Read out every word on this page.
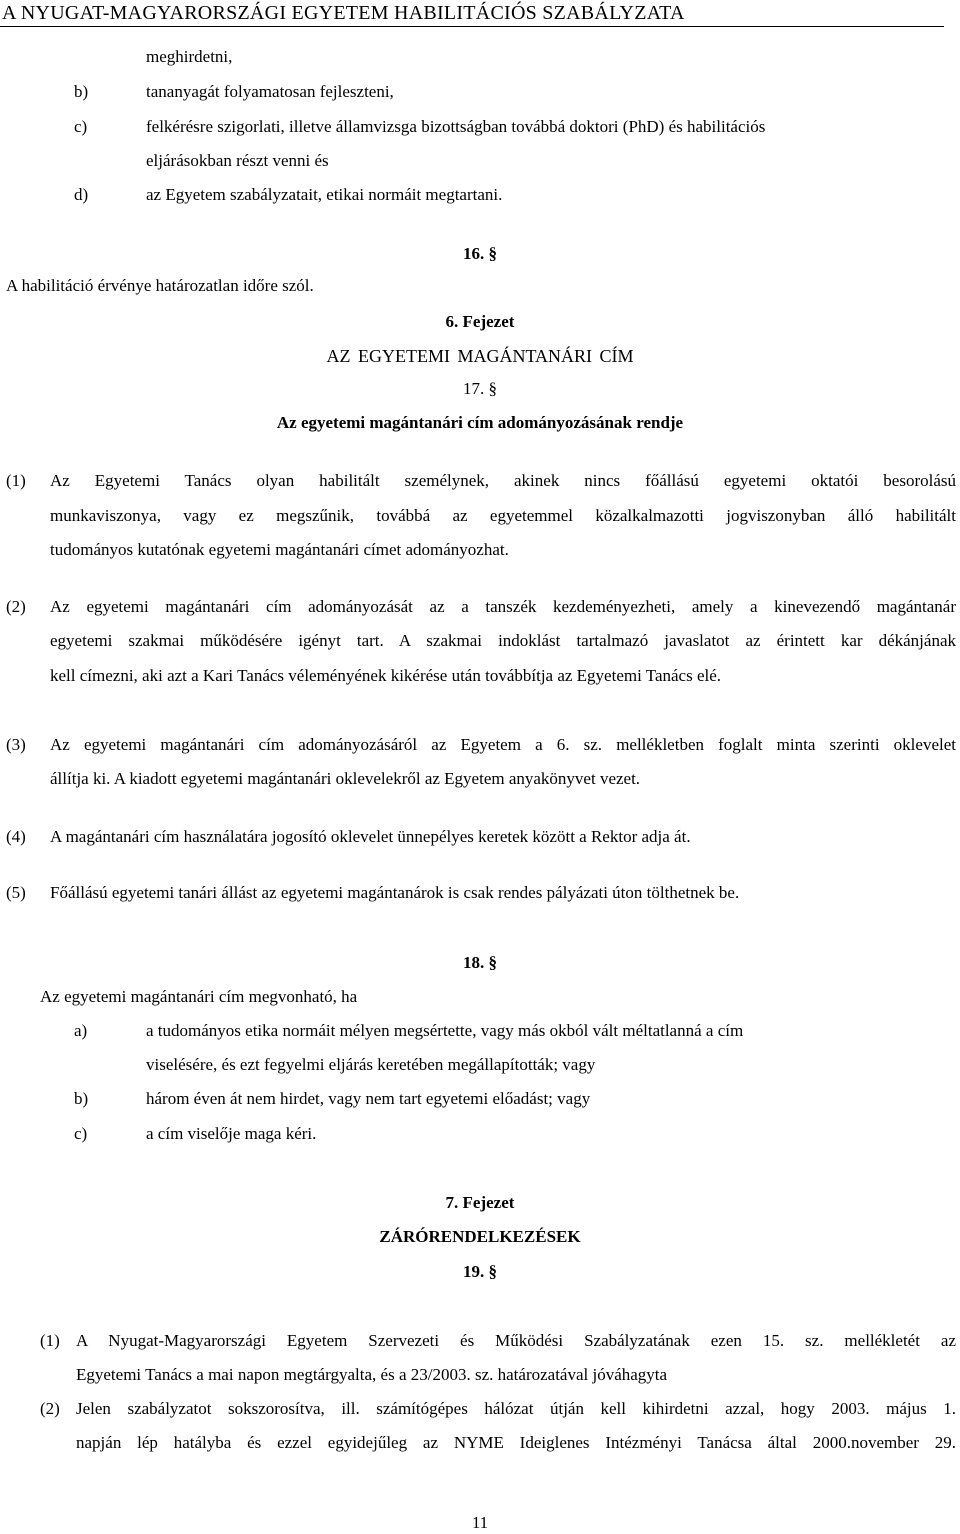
A NYUGAT-MAGYARORSZÁGI EGYETEM HABILITÁCIÓS SZABÁLYZATA
meghirdetni,
b)	tananyagát folyamatosan fejleszteni,
c)	felkérésre szigorlati, illetve államvizsga bizottságban továbbá doktori (PhD) és habilitációs
eljárásokban részt venni és
d)	az Egyetem szabályzatait, etikai normáit megtartani.
16. §
A habilitáció érvénye határozatlan időre szól.
6. Fejezet
AZ EGYETEMI MAGÁNTANÁRI CÍM
17. §
Az egyetemi magántanári cím adományozásának rendje
(1) Az Egyetemi Tanács olyan habilitált személynek, akinek nincs főállású egyetemi oktatói besorolású
munkaviszonya, vagy ez megszűnik, továbbá az egyetemmel közalkalmazotti jogviszonyban álló habilitált
tudományos kutatónak egyetemi magántanári címet adományozhat.
(2) Az egyetemi magántanári cím adományozását az a tanszék kezdeményezheti, amely a kinevezendő magántanár
egyetemi szakmai működésére igényt tart. A szakmai indoklást tartalmazó javaslatot az érintett kar dékánjának
kell címezni, aki azt a Kari Tanács véleményének kikérése után továbbítja az Egyetemi Tanács elé.
(3) Az egyetemi magántanári cím adományozásáról az Egyetem a 6. sz. mellékletben foglalt minta szerinti oklevelet
állítja ki. A kiadott egyetemi magántanári oklevelekről az Egyetem anyakönyvet vezet.
(4) A magántanári cím használatára jogosító oklevelet ünnepélyes keretek között a Rektor adja át.
(5) Főállású egyetemi tanári állást az egyetemi magántanárok is csak rendes pályázati úton tölthetnek be.
18. §
Az egyetemi magántanári cím megvonható, ha
a)	a tudományos etika normáit mélyen megsértette, vagy más okból vált méltatlanná a cím
viselésére, és ezt fegyelmi eljárás keretében megállapították; vagy
b)	három éven át nem hirdet, vagy nem tart egyetemi előadást; vagy
c)	a cím viselője maga kéri.
7. Fejezet
ZÁRÓRENDELKEZÉSEK
19. §
(1) A Nyugat-Magyarországi Egyetem Szervezeti és Működési Szabályzatának ezen 15. sz. mellékletét az
Egyetemi Tanács a mai napon megtárgyalta, és a 23/2003. sz. határozatával jóváhagyta
(2) Jelen szabályzatot sokszorosítva, ill. számítógépes hálózat útján kell kihirdetni azzal, hogy 2003. május 1.
napján lép hatályba és ezzel egyidejűleg az NYME Ideiglenes Intézményi Tanácsa által 2000.november 29.
11
